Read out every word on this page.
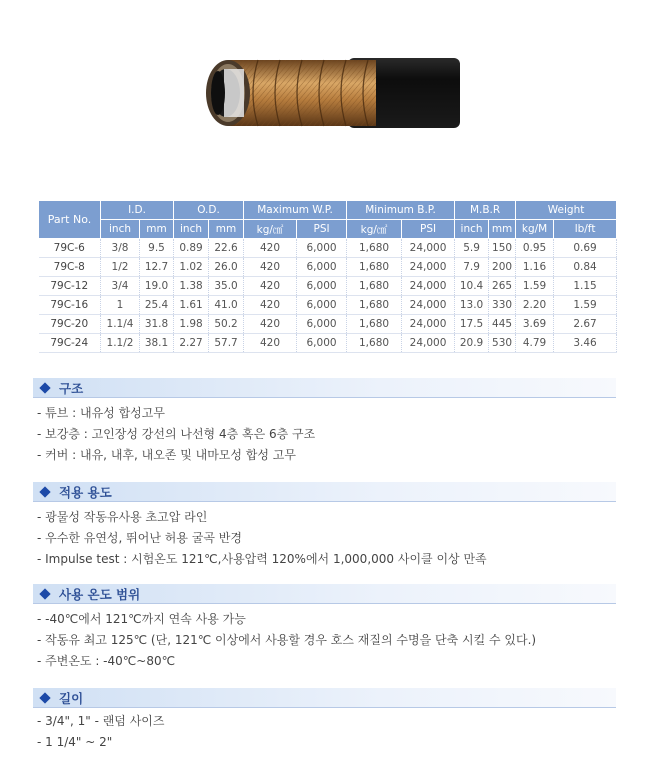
Part No.	I.D.		O.D.		Maximum W.P.		Minimum B.P.		M.B.R		Weight	
	inch	mm	inch	mm	kg/㎠	PSI	kg/㎠	PSI	inch	mm	kg/M	lb/ft
79C-6	3/8	9.5	0.89	22.6	420	6,000	1,680	24,000	5.9	150	0.95	0.69
79C-8	1/2	12.7	1.02	26.0	420	6,000	1,680	24,000	7.9	200	1.16	0.84
79C-12	3/4	19.0	1.38	35.0	420	6,000	1,680	24,000	10.4	265	1.59	1.15
79C-16	1	25.4	1.61	41.0	420	6,000	1,680	24,000	13.0	330	2.20	1.59
79C-20	1.1/4	31.8	1.98	50.2	420	6,000	1,680	24,000	17.5	445	3.69	2.67
79C-24	1.1/2	38.1	2.27	57.7	420	6,000	1,680	24,000	20.9	530	4.79	3.46
구조
- 튜브 : 내유성 합성고무
- 보강층 : 고인장성 강선의 나선형 4층 혹은 6층 구조
- 커버 : 내유, 내후, 내오존 및 내마모성 합성 고무
적용 용도
- 광물성 작동유사용 초고압 라인
- 우수한 유연성, 뛰어난 허용 굴곡 반경
- Impulse test : 시험온도 121℃,사용압력 120%에서 1,000,000 사이클 이상 만족
사용 온도 범위
- -40℃에서 121℃까지 연속 사용 가능
- 작동유 최고 125℃ (단, 121℃ 이상에서 사용할 경우 호스 재질의 수명을 단축 시킬 수 있다.)
- 주변온도 : -40℃~80℃
길이
- 3/4", 1" - 랜덤 사이즈
- 1 1/4" ~ 2"
